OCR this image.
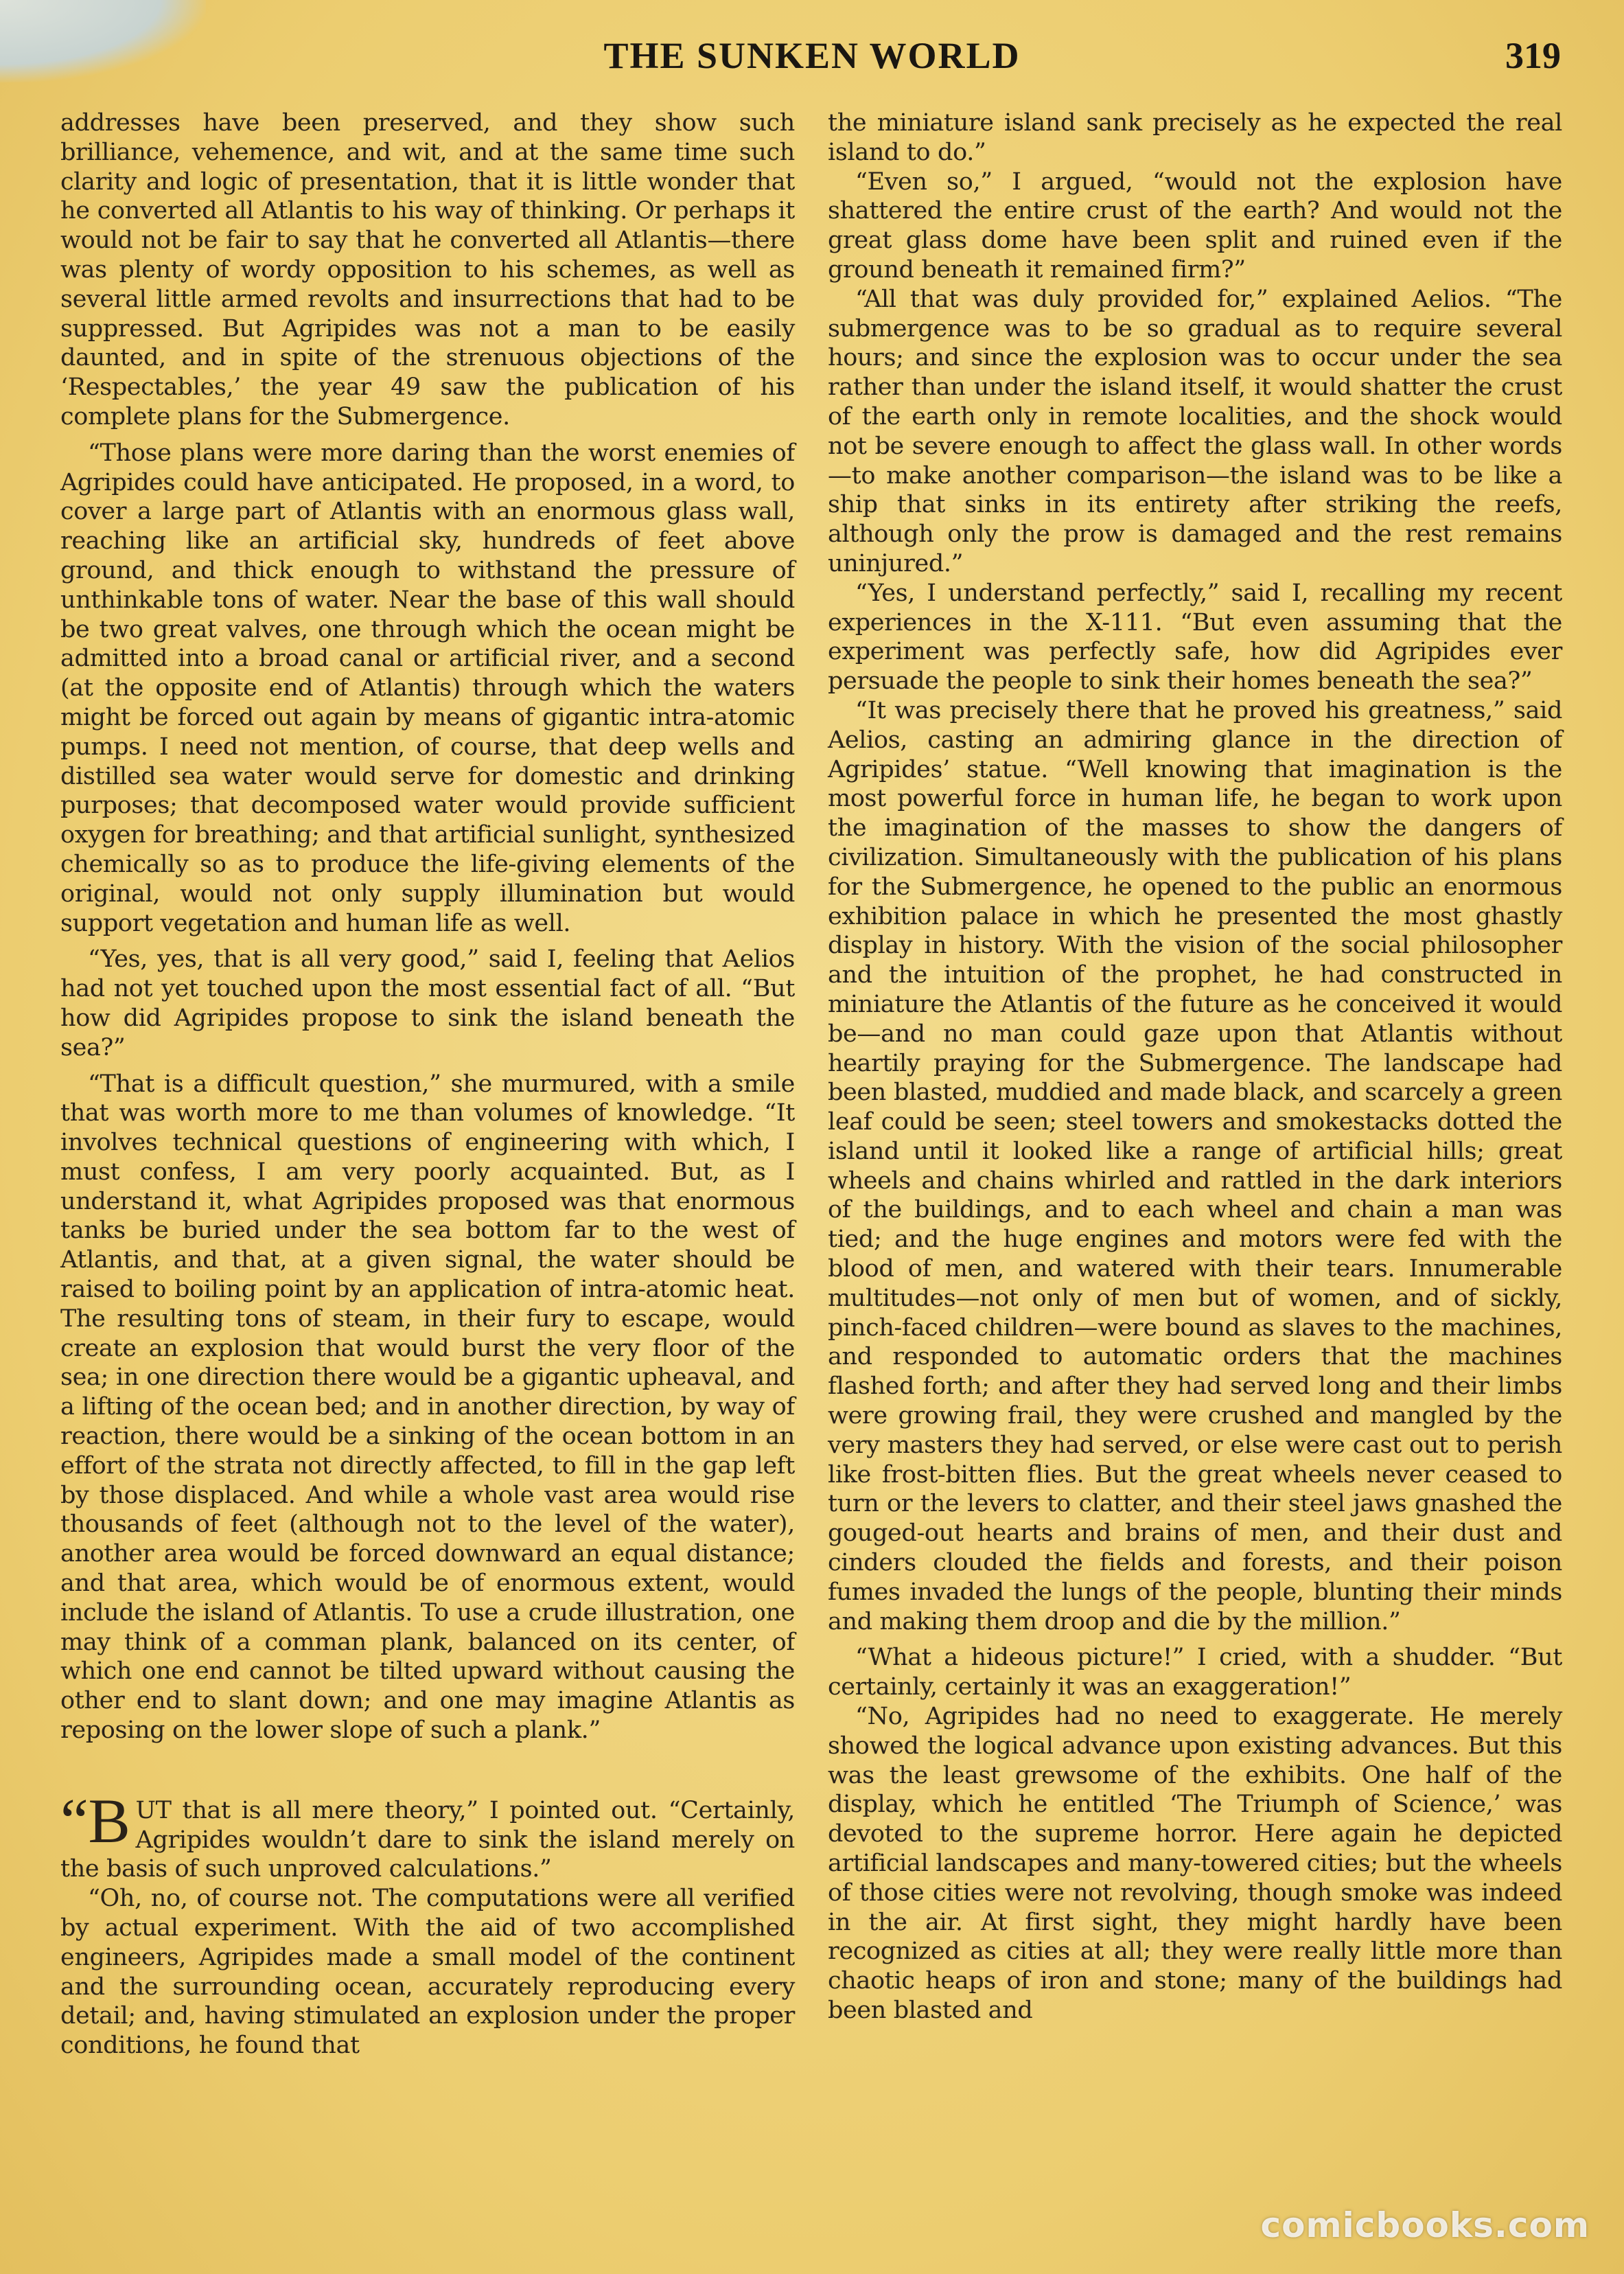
THE SUNKEN WORLD	319

addresses have been preserved, and they show such brilliance, vehemence, and wit, and at the same time such clarity and logic of presentation, that it is little wonder that he converted all Atlantis to his way of thinking. Or perhaps it would not be fair to say that he converted all Atlantis—there was plenty of wordy opposition to his schemes, as well as several little armed revolts and insurrections that had to be suppressed. But Agripides was not a man to be easily daunted, and in spite of the strenuous objections of the ‘Respectables,’ the year 49 saw the publication of his complete plans for the Submergence.

“Those plans were more daring than the worst enemies of Agripides could have anticipated. He proposed, in a word, to cover a large part of Atlantis with an enormous glass wall, reaching like an artificial sky, hundreds of feet above ground, and thick enough to withstand the pressure of unthinkable tons of water. Near the base of this wall should be two great valves, one through which the ocean might be admitted into a broad canal or artificial river, and a second (at the opposite end of Atlantis) through which the waters might be forced out again by means of gigantic intra-atomic pumps. I need not mention, of course, that deep wells and distilled sea water would serve for domestic and drinking purposes; that decomposed water would provide sufficient oxygen for breathing; and that artificial sunlight, synthesized chemically so as to produce the life-giving elements of the original, would not only supply illumination but would support vegetation and human life as well.

“Yes, yes, that is all very good,” said I, feeling that Aelios had not yet touched upon the most essential fact of all. “But how did Agripides propose to sink the island beneath the sea?”

“That is a difficult question,” she murmured, with a smile that was worth more to me than volumes of knowledge. “It involves technical questions of engineering with which, I must confess, I am very poorly acquainted. But, as I understand it, what Agripides proposed was that enormous tanks be buried under the sea bottom far to the west of Atlantis, and that, at a given signal, the water should be raised to boiling point by an application of intra-atomic heat. The resulting tons of steam, in their fury to escape, would create an explosion that would burst the very floor of the sea; in one direction there would be a gigantic upheaval, and a lifting of the ocean bed; and in another direction, by way of reaction, there would be a sinking of the ocean bottom in an effort of the strata not directly affected, to fill in the gap left by those displaced. And while a whole vast area would rise thousands of feet (although not to the level of the water), another area would be forced downward an equal distance; and that area, which would be of enormous extent, would include the island of Atlantis. To use a crude illustration, one may think of a comman plank, balanced on its center, of which one end cannot be tilted upward without causing the other end to slant down; and one may imagine Atlantis as reposing on the lower slope of such a plank.”

“BUT that is all mere theory,” I pointed out. “Certainly, Agripides wouldn’t dare to sink the island merely on the basis of such unproved calculations.”

“Oh, no, of course not. The computations were all verified by actual experiment. With the aid of two accomplished engineers, Agripides made a small model of the continent and the surrounding ocean, accurately reproducing every detail; and, having stimulated an explosion under the proper conditions, he found that

the miniature island sank precisely as he expected the real island to do.”

“Even so,” I argued, “would not the explosion have shattered the entire crust of the earth? And would not the great glass dome have been split and ruined even if the ground beneath it remained firm?”

“All that was duly provided for,” explained Aelios. “The submergence was to be so gradual as to require several hours; and since the explosion was to occur under the sea rather than under the island itself, it would shatter the crust of the earth only in remote localities, and the shock would not be severe enough to affect the glass wall. In other words—to make another comparison—the island was to be like a ship that sinks in its entirety after striking the reefs, although only the prow is damaged and the rest remains uninjured.”

“Yes, I understand perfectly,” said I, recalling my recent experiences in the X-111. “But even assuming that the experiment was perfectly safe, how did Agripides ever persuade the people to sink their homes beneath the sea?”

“It was precisely there that he proved his greatness,” said Aelios, casting an admiring glance in the direction of Agripides’ statue. “Well knowing that imagination is the most powerful force in human life, he began to work upon the imagination of the masses to show the dangers of civilization. Simultaneously with the publication of his plans for the Submergence, he opened to the public an enormous exhibition palace in which he presented the most ghastly display in history. With the vision of the social philosopher and the intuition of the prophet, he had constructed in miniature the Atlantis of the future as he conceived it would be—and no man could gaze upon that Atlantis without heartily praying for the Submergence. The landscape had been blasted, muddied and made black, and scarcely a green leaf could be seen; steel towers and smokestacks dotted the island until it looked like a range of artificial hills; great wheels and chains whirled and rattled in the dark interiors of the buildings, and to each wheel and chain a man was tied; and the huge engines and motors were fed with the blood of men, and watered with their tears. Innumerable multitudes—not only of men but of women, and of sickly, pinch-faced children—were bound as slaves to the machines, and responded to automatic orders that the machines flashed forth; and after they had served long and their limbs were growing frail, they were crushed and mangled by the very masters they had served, or else were cast out to perish like frost-bitten flies. But the great wheels never ceased to turn or the levers to clatter, and their steel jaws gnashed the gouged-out hearts and brains of men, and their dust and cinders clouded the fields and forests, and their poison fumes invaded the lungs of the people, blunting their minds and making them droop and die by the million.”

“What a hideous picture!” I cried, with a shudder. “But certainly, certainly it was an exaggeration!”

“No, Agripides had no need to exaggerate. He merely showed the logical advance upon existing advances. But this was the least grewsome of the exhibits. One half of the display, which he entitled ‘The Triumph of Science,’ was devoted to the supreme horror. Here again he depicted artificial landscapes and many-towered cities; but the wheels of those cities were not revolving, though smoke was indeed in the air. At first sight, they might hardly have been recognized as cities at all; they were really little more than chaotic heaps of iron and stone; many of the buildings had been blasted and

comicbooks.com
